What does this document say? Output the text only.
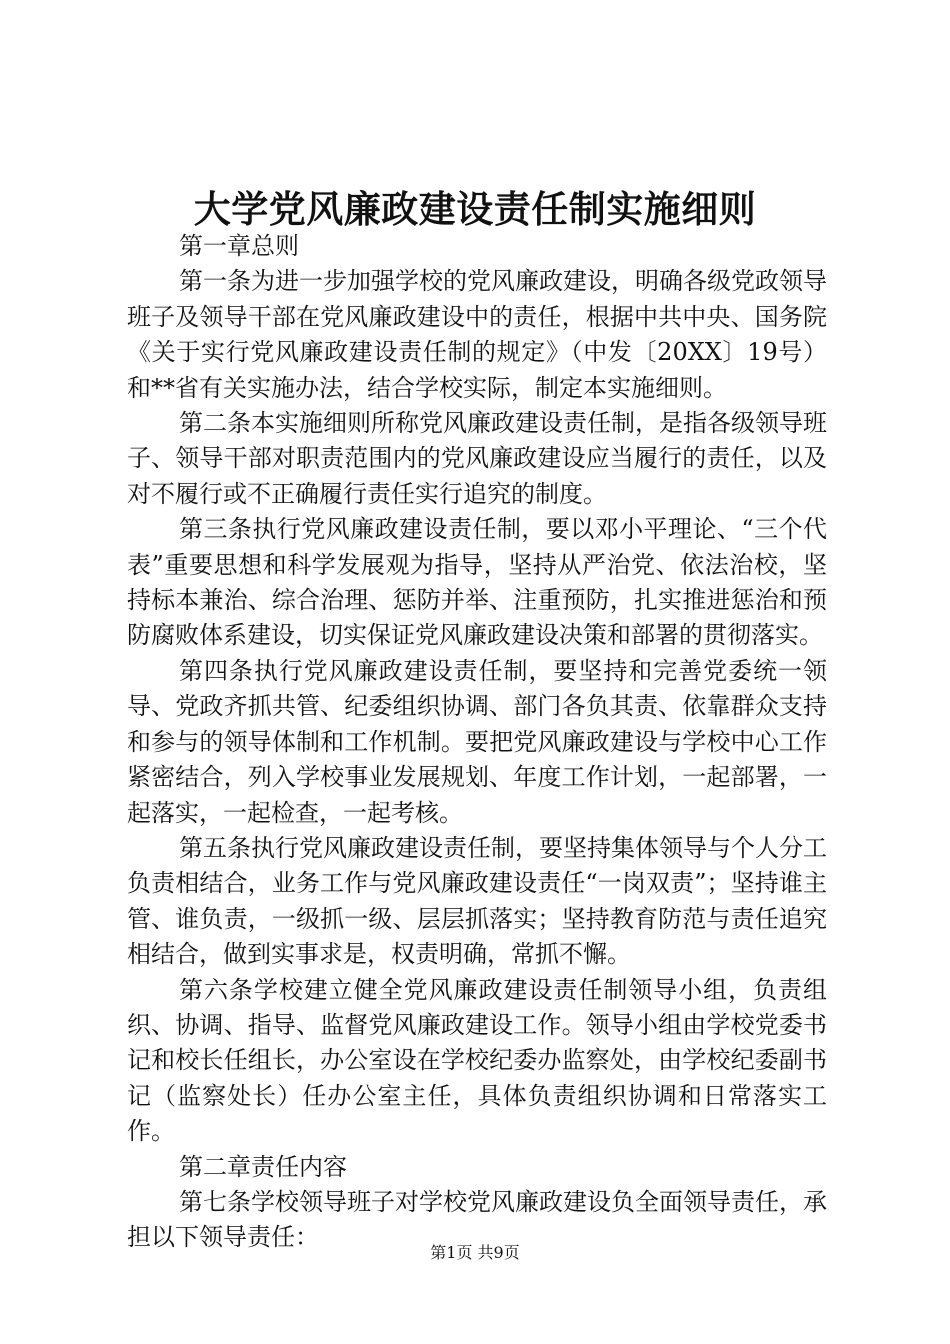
大学党风廉政建设责任制实施细则

第一章总则

第一条为进一步加强学校的党风廉政建设，明确各级党政领导班子及领导干部在党风廉政建设中的责任，根据中共中央、国务院《关于实行党风廉政建设责任制的规定》（中发〔20XX〕19号）和**省有关实施办法，结合学校实际，制定本实施细则。

第二条本实施细则所称党风廉政建设责任制，是指各级领导班子、领导干部对职责范围内的党风廉政建设应当履行的责任，以及对不履行或不正确履行责任实行追究的制度。

第三条执行党风廉政建设责任制，要以邓小平理论、“三个代表”重要思想和科学发展观为指导，坚持从严治党、依法治校，坚持标本兼治、综合治理、惩防并举、注重预防，扎实推进惩治和预防腐败体系建设，切实保证党风廉政建设决策和部署的贯彻落实。

第四条执行党风廉政建设责任制，要坚持和完善党委统一领导、党政齐抓共管、纪委组织协调、部门各负其责、依靠群众支持和参与的领导体制和工作机制。要把党风廉政建设与学校中心工作紧密结合，列入学校事业发展规划、年度工作计划，一起部署，一起落实，一起检查，一起考核。

第五条执行党风廉政建设责任制，要坚持集体领导与个人分工负责相结合，业务工作与党风廉政建设责任“一岗双责”；坚持谁主管、谁负责，一级抓一级、层层抓落实；坚持教育防范与责任追究相结合，做到实事求是，权责明确，常抓不懈。

第六条学校建立健全党风廉政建设责任制领导小组，负责组织、协调、指导、监督党风廉政建设工作。领导小组由学校党委书记和校长任组长，办公室设在学校纪委办监察处，由学校纪委副书记（监察处长）任办公室主任，具体负责组织协调和日常落实工作。

第二章责任内容

第七条学校领导班子对学校党风廉政建设负全面领导责任，承担以下领导责任：

第1页 共9页
